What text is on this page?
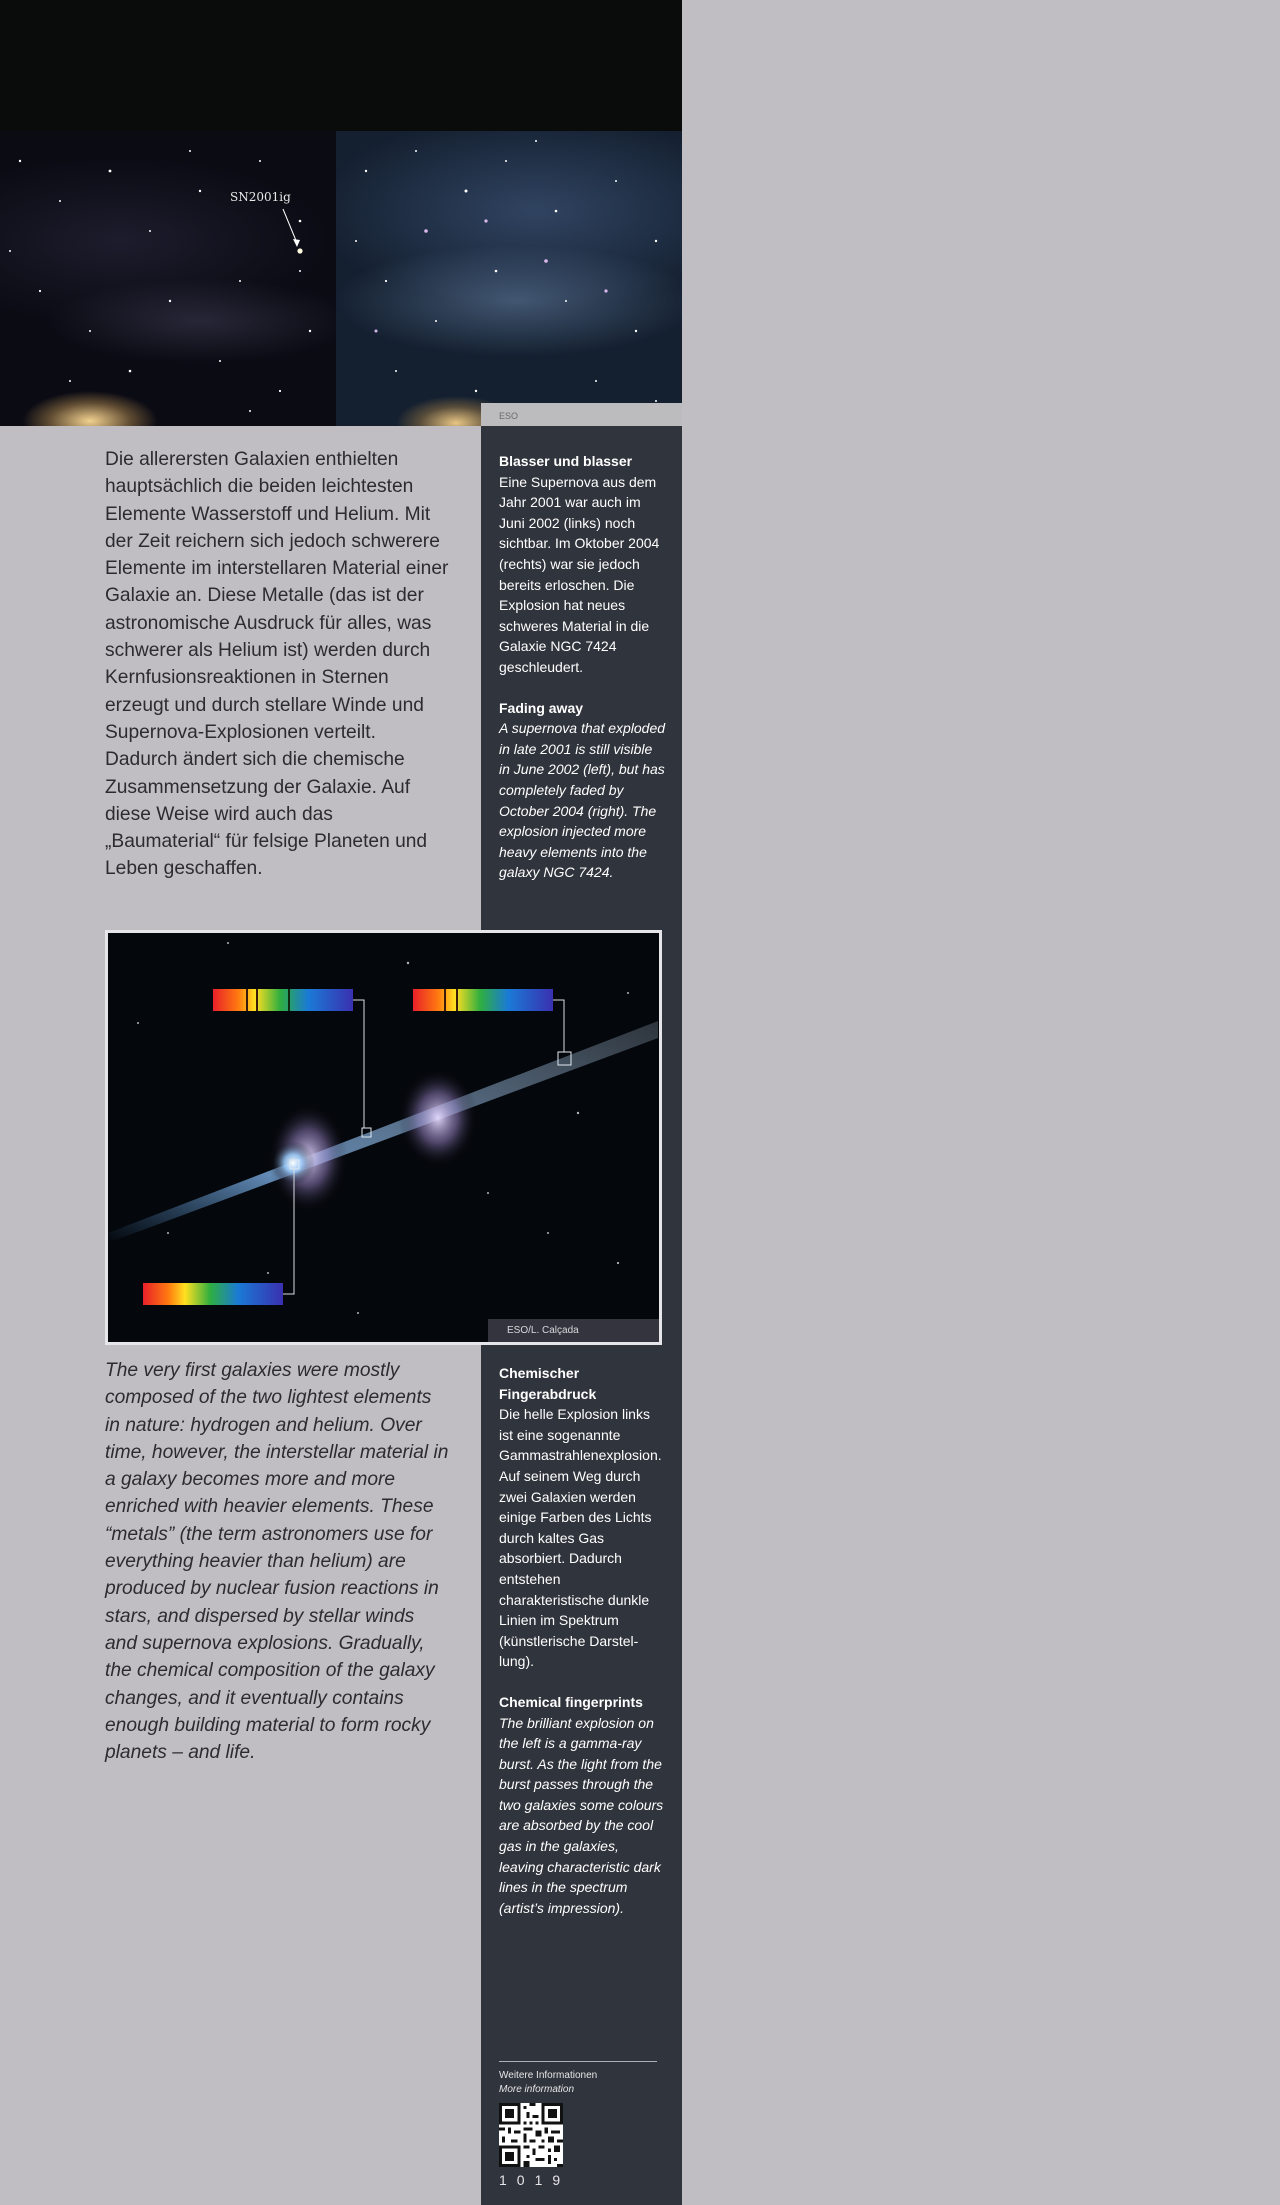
SN2001ig
ESO
Die allerersten Galaxien enthielten hauptsächlich die beiden leichtesten Elemente Wasserstoff und Helium. Mit der Zeit reichern sich jedoch schwerere Elemente im interstellaren Material einer Galaxie an. Diese Metalle (das ist der astronomische Ausdruck für alles, was schwerer als Helium ist) werden durch Kernfusionsreaktionen in Sternen erzeugt und durch stellare Winde und Supernova-Explosionen verteilt. Dadurch ändert sich die chemische Zusammensetzung der Galaxie. Auf diese Weise wird auch das „Baumaterial“ für felsige Planeten und Leben geschaffen.
Blasser und blasser
Eine Supernova aus dem Jahr 2001 war auch im Juni 2002 (links) noch sichtbar. Im Oktober 2004 (rechts) war sie jedoch bereits erloschen. Die Explosion hat neues schweres Material in die Galaxie NGC 7424 geschleudert.
Fading away
A supernova that exploded in late 2001 is still visible in June 2002 (left), but has completely faded by October 2004 (right). The explosion injected more heavy elements into the galaxy NGC 7424.
ESO/L. Calçada
The very first galaxies were mostly composed of the two lightest elements in nature: hydrogen and helium. Over time, however, the interstellar material in a galaxy becomes more and more enriched with heavier elements. These “metals” (the term astronomers use for everything heavier than helium) are produced by nuclear fusion reactions in stars, and dispersed by stellar winds and supernova explosions. Gradually, the chemical composition of the galaxy changes, and it eventually contains enough building material to form rocky planets – and life.
Chemischer Fingerabdruck
Die helle Explosion links ist eine sogenannte Gammastrahlenexplosion. Auf seinem Weg durch zwei Galaxien werden einige Farben des Lichts durch kaltes Gas absorbiert. Dadurch entstehen charakteristische dunkle Linien im Spektrum (künstlerische Darstellung).
Chemical fingerprints
The brilliant explosion on the left is a gamma-ray burst. As the light from the burst passes through the two galaxies some colours are absorbed by the cool gas in the galaxies, leaving characteristic dark lines in the spectrum (artist’s impression).
Weitere Informationen
More information
1019
